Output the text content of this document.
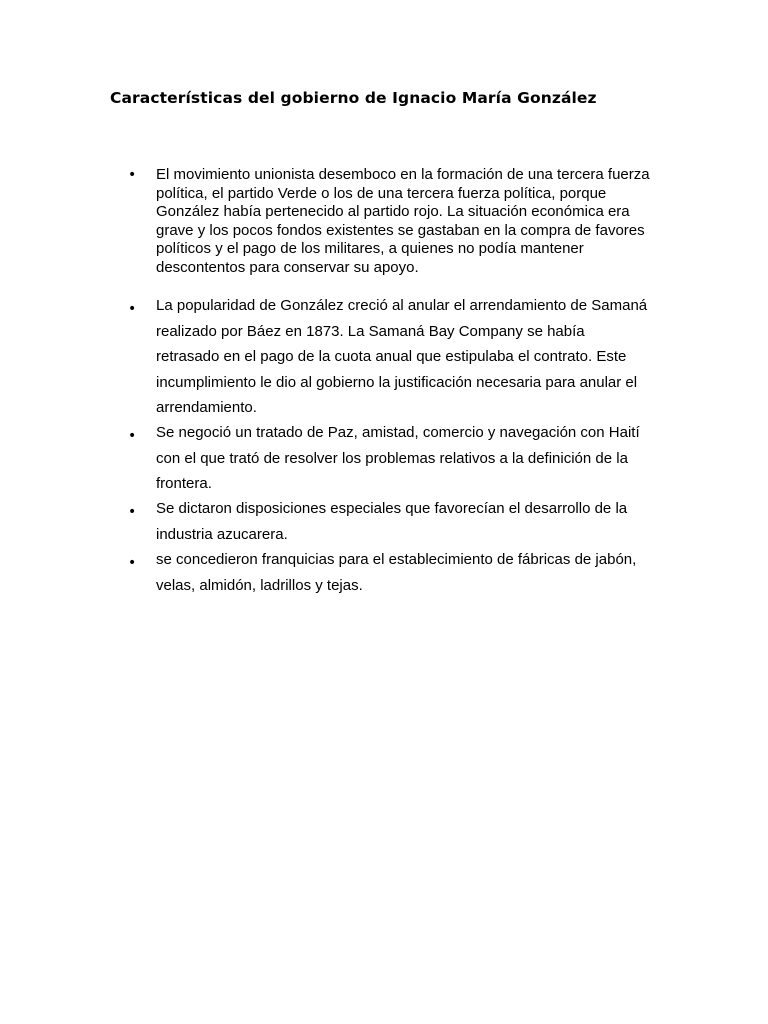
Características del gobierno de Ignacio María González
• El movimiento unionista desemboco en la formación de una tercera fuerza política, el partido Verde o los de una tercera fuerza política, porque González había pertenecido al partido rojo. La situación económica era grave y los pocos fondos existentes se gastaban en la compra de favores políticos y el pago de los militares, a quienes no podía mantener descontentos para conservar su apoyo.
• La popularidad de González creció al anular el arrendamiento de Samaná realizado por Báez en 1873. La Samaná Bay Company se había retrasado en el pago de la cuota anual que estipulaba el contrato. Este incumplimiento le dio al gobierno la justificación necesaria para anular el arrendamiento.
• Se negoció un tratado de Paz, amistad, comercio y navegación con Haití con el que trató de resolver los problemas relativos a la definición de la frontera.
• Se dictaron disposiciones especiales que favorecían el desarrollo de la industria azucarera.
• se concedieron franquicias para el establecimiento de fábricas de jabón, velas, almidón, ladrillos y tejas.
